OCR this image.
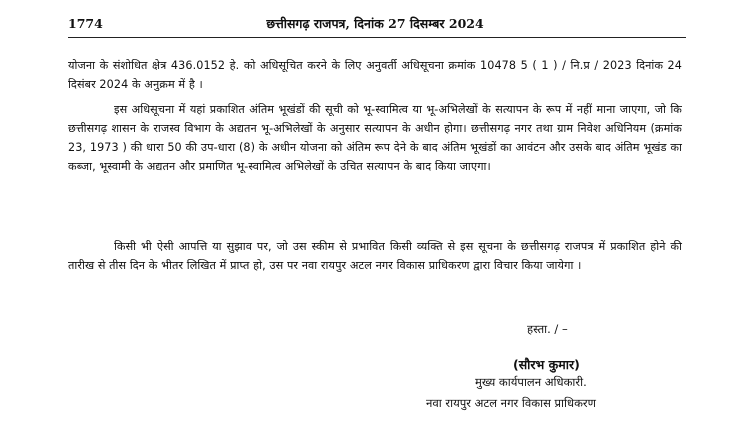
1774	छत्तीसगढ़ राजपत्र, दिनांक 27 दिसम्बर 2024

योजना के संशोधित क्षेत्र 436.0152 हे. को अधिसूचित करने के लिए अनुवर्ती अधिसूचना क्रमांक 10478 5 ( 1 ) / नि.प्र / 2023 दिनांक 24 दिसंबर 2024 के अनुक्रम में है ।

इस अधिसूचना में यहां प्रकाशित अंतिम भूखंडों की सूची को भू-स्वामित्व या भू-अभिलेखों के सत्यापन के रूप में नहीं माना जाएगा, जो कि छत्तीसगढ़ शासन के राजस्व विभाग के अद्यतन भू-अभिलेखों के अनुसार सत्यापन के अधीन होगा। छत्तीसगढ़ नगर तथा ग्राम निवेश अधिनियम (क्रमांक 23, 1973 ) की धारा 50 की उप-धारा (8) के अधीन योजना को अंतिम रूप देने के बाद अंतिम भूखंडों का आवंटन और उसके बाद अंतिम भूखंड का कब्जा, भूस्वामी के अद्यतन और प्रमाणित भू-स्वामित्व अभिलेखों के उचित सत्यापन के बाद किया जाएगा।

किसी भी ऐसी आपत्ति या सुझाव पर, जो उस स्कीम से प्रभावित किसी व्यक्ति से इस सूचना के छत्तीसगढ़ राजपत्र में प्रकाशित होने की तारीख से तीस दिन के भीतर लिखित में प्राप्त हो, उस पर नवा रायपुर अटल नगर विकास प्राधिकरण द्वारा विचार किया जायेगा ।

हस्ता. / –
(सौरभ कुमार)
मुख्य कार्यपालन अधिकारी.
नवा रायपुर अटल नगर विकास प्राधिकरण
